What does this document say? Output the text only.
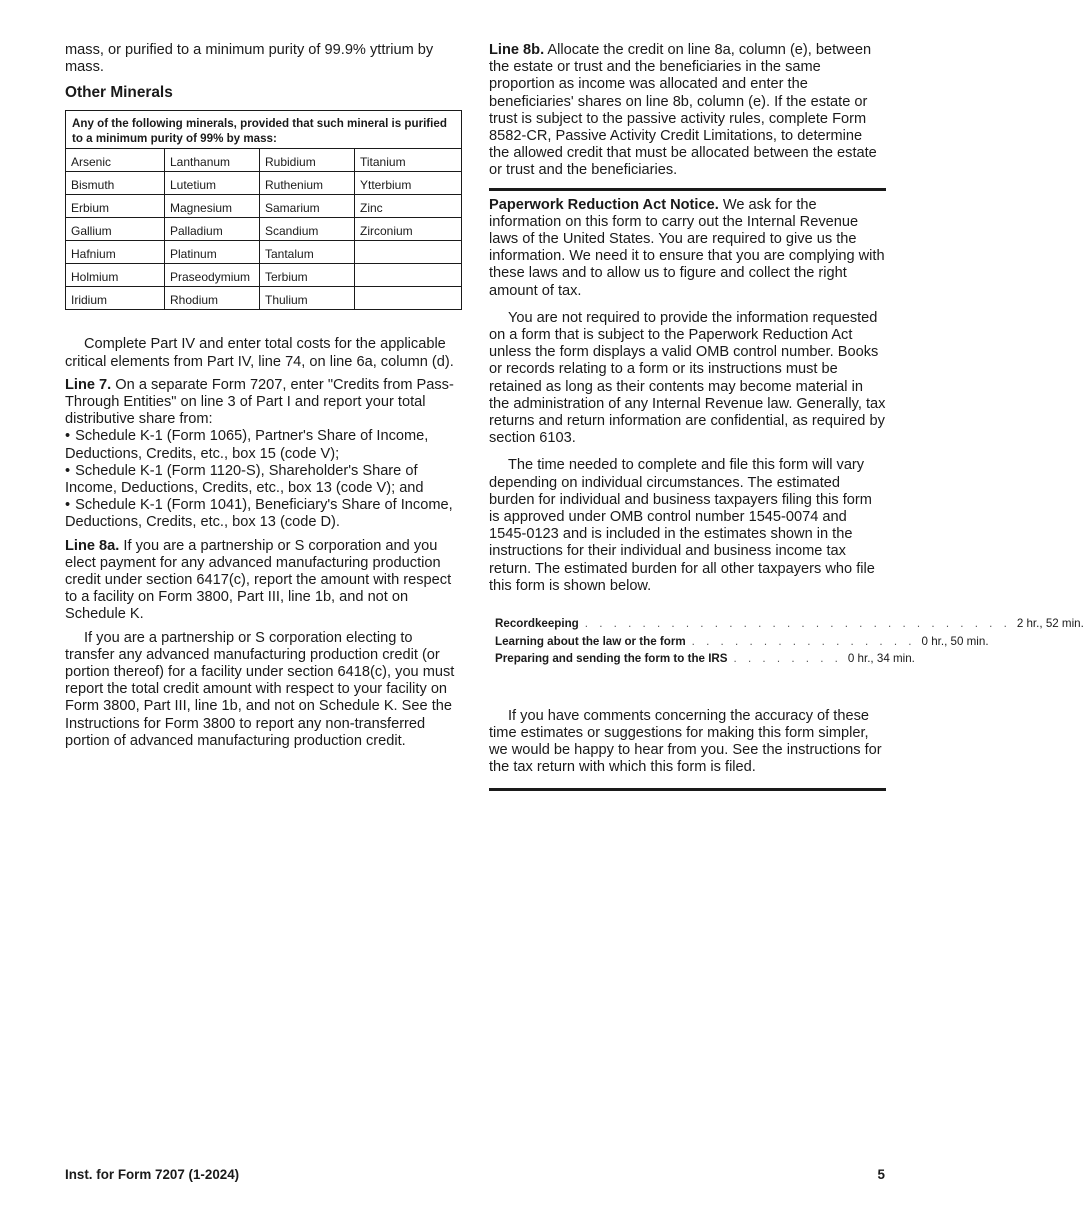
mass, or purified to a minimum purity of 99.9% yttrium by mass.

Other Minerals
Any of the following minerals, provided that such mineral is purified to a minimum purity of 99% by mass:			
Arsenic	Lanthanum	Rubidium	Titanium
Bismuth	Lutetium	Ruthenium	Ytterbium
Erbium	Magnesium	Samarium	Zinc
Gallium	Palladium	Scandium	Zirconium
Hafnium	Platinum	Tantalum	
Holmium	Praseodymium	Terbium	
Iridium	Rhodium	Thulium	

Complete Part IV and enter total costs for the applicable critical elements from Part IV, line 74, on line 6a, column (d).

Line 7. On a separate Form 7207, enter "Credits from Pass-Through Entities" on line 3 of Part I and report your total distributive share from:

• Schedule K-1 (Form 1065), Partner's Share of Income, Deductions, Credits, etc., box 15 (code V);
• Schedule K-1 (Form 1120-S), Shareholder's Share of Income, Deductions, Credits, etc., box 13 (code V); and
• Schedule K-1 (Form 1041), Beneficiary's Share of Income, Deductions, Credits, etc., box 13 (code D).

Line 8a. If you are a partnership or S corporation and you elect payment for any advanced manufacturing production credit under section 6417(c), report the amount with respect to a facility on Form 3800, Part III, line 1b, and not on Schedule K.

If you are a partnership or S corporation electing to transfer any advanced manufacturing production credit (or portion thereof) for a facility under section 6418(c), you must report the total credit amount with respect to your facility on Form 3800, Part III, line 1b, and not on Schedule K. See the Instructions for Form 3800 to report any non-transferred portion of advanced manufacturing production credit.

Line 8b. Allocate the credit on line 8a, column (e), between the estate or trust and the beneficiaries in the same proportion as income was allocated and enter the beneficiaries' shares on line 8b, column (e). If the estate or trust is subject to the passive activity rules, complete Form 8582-CR, Passive Activity Credit Limitations, to determine the allowed credit that must be allocated between the estate or trust and the beneficiaries.

Paperwork Reduction Act Notice. We ask for the information on this form to carry out the Internal Revenue laws of the United States. You are required to give us the information. We need it to ensure that you are complying with these laws and to allow us to figure and collect the right amount of tax.

You are not required to provide the information requested on a form that is subject to the Paperwork Reduction Act unless the form displays a valid OMB control number. Books or records relating to a form or its instructions must be retained as long as their contents may become material in the administration of any Internal Revenue law. Generally, tax returns and return information are confidential, as required by section 6103.

The time needed to complete and file this form will vary depending on individual circumstances. The estimated burden for individual and business taxpayers filing this form is approved under OMB control number 1545-0074 and 1545-0123 and is included in the estimates shown in the instructions for their individual and business income tax return. The estimated burden for all other taxpayers who file this form is shown below.

Recordkeeping . . . . . . . . . . . . . . . . . . . . . . . . . . . . . . 2 hr., 52 min.
Learning about the law or the form . . . . . . . . . . . . . . . . 0 hr., 50 min.
Preparing and sending the form to the IRS . . . . . . . . 0 hr., 34 min.

If you have comments concerning the accuracy of these time estimates or suggestions for making this form simpler, we would be happy to hear from you. See the instructions for the tax return with which this form is filed.

Inst. for Form 7207 (1-2024)	5
